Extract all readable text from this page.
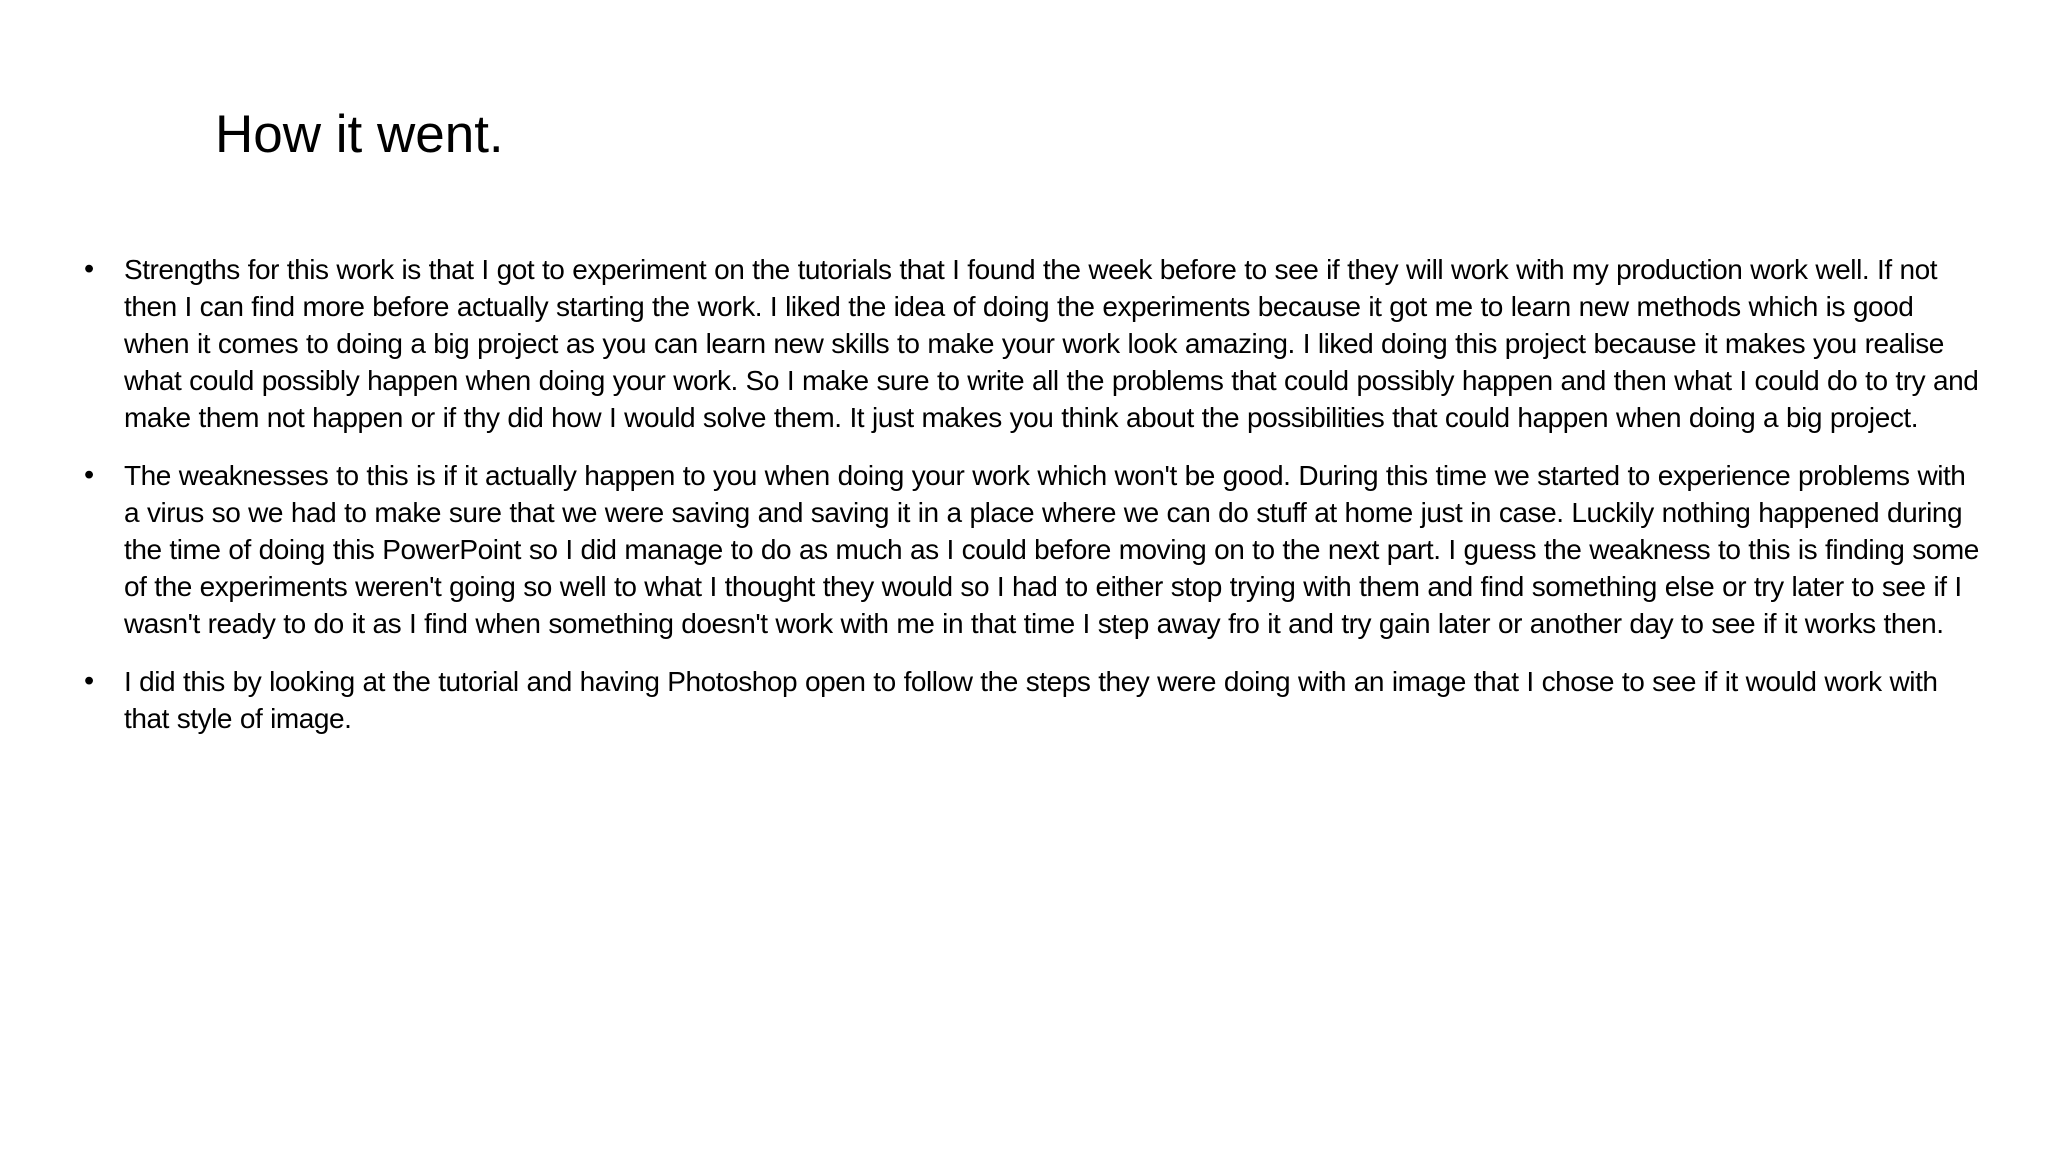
How it went.
• Strengths for this work is that I got to experiment on the tutorials that I found the week before to see if they will work with my production work well. If not then I can find more before actually starting the work. I liked the idea of doing the experiments because it got me to learn new methods which is good when it comes to doing a big project as you can learn new skills to make your work look amazing. I liked doing this project because it makes you realise what could possibly happen when doing your work. So I make sure to write all the problems that could possibly happen and then what I could do to try and make them not happen or if thy did how I would solve them. It just makes you think about the possibilities that could happen when doing a big project.
• The weaknesses to this is if it actually happen to you when doing your work which won't be good. During this time we started to experience problems with a virus so we had to make sure that we were saving and saving it in a place where we can do stuff at home just in case. Luckily nothing happened during the time of doing this PowerPoint so I did manage to do as much as I could before moving on to the next part. I guess the weakness to this is finding some of the experiments weren't going so well to what I thought they would so I had to either stop trying with them and find something else or try later to see if I wasn't ready to do it as I find when something doesn't work with me in that time I step away fro it and try gain later or another day to see if it works then.
• I did this by looking at the tutorial and having Photoshop open to follow the steps they were doing with an image that I chose to see if it would work with that style of image.
